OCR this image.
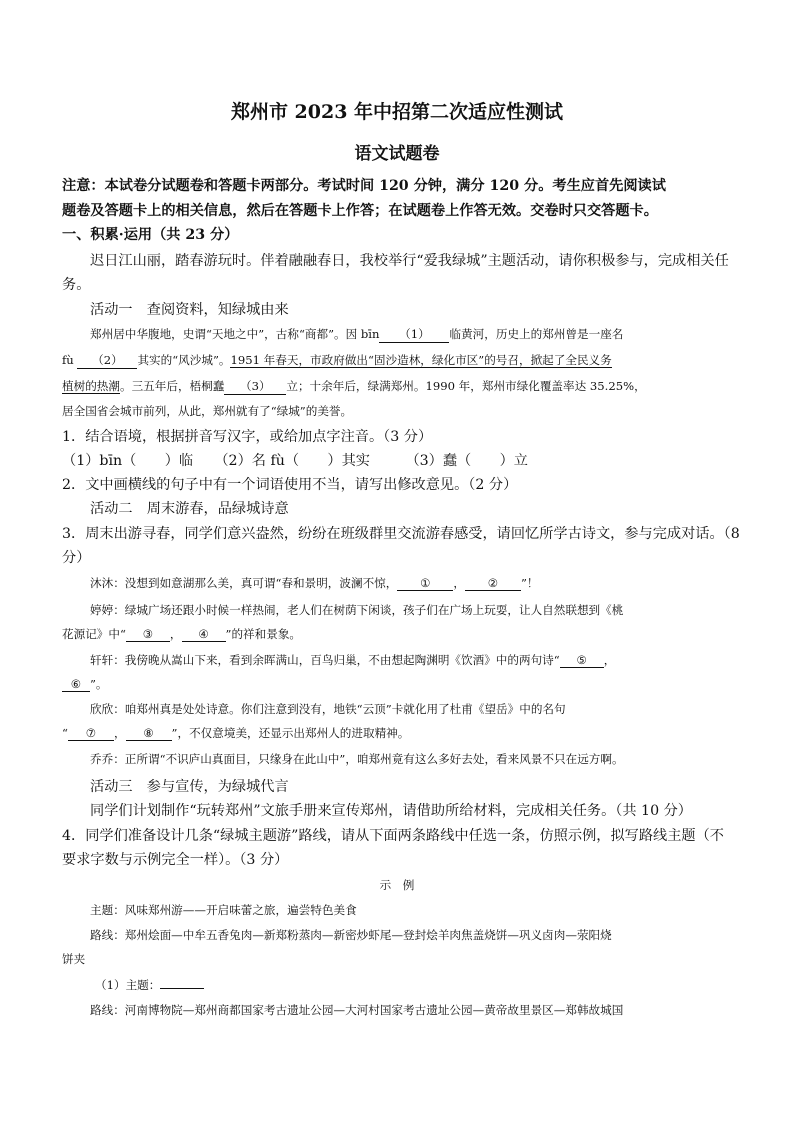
郑州市 2023 年中招第二次适应性测试
语文试题卷
注意：本试卷分试题卷和答题卡两部分。考试时间 120 分钟，满分 120 分。考生应首先阅读试
题卷及答题卡上的相关信息，然后在答题卡上作答；在试题卷上作答无效。交卷时只交答题卡。
一、积累·运用（共 23 分）
迟日江山丽，踏春游玩时。伴着融融春日，我校举行“爱我绿城”主题活动，请你积极参与，完成相关任
务。
活动一　查阅资料，知绿城由来
郑州居中华腹地，史谓“天地之中”，古称“商都”。因 bīn （1） 临黄河，历史上的郑州曾是一座名
fù （2） 其实的“风沙城”。1951 年春天，市政府做出“固沙造林，绿化市区”的号召，掀起了全民义务
植树的热潮。三五年后，梧桐蠢 （3） 立；十余年后，绿满郑州。1990 年，郑州市绿化覆盖率达 35.25%，
居全国省会城市前列，从此，郑州就有了“绿城”的美誉。
1．结合语境，根据拼音写汉字，或给加点字注音。（3 分）
（1）bīn（　　）临　　（2）名 fù（　　）其实　　　（3）蠢（　　）立
2．文中画横线的句子中有一个词语使用不当，请写出修改意见。（2 分）
活动二　周末游春，品绿城诗意
3．周末出游寻春，同学们意兴盎然，纷纷在班级群里交流游春感受，请回忆所学古诗文，参与完成对话。（8
分）
沐沐：没想到如意湖那么美，真可谓“春和景明，波澜不惊， ① ， ② ”！
婷婷：绿城广场还跟小时候一样热闹，老人们在树荫下闲谈，孩子们在广场上玩耍，让人自然联想到《桃
花源记》中“ ③ ， ④ ”的祥和景象。
轩轩：我傍晚从嵩山下来，看到余晖满山，百鸟归巢，不由想起陶渊明《饮酒》中的两句诗“ ⑤ ，
⑥ ”。
欣欣：咱郑州真是处处诗意。你们注意到没有，地铁“云顶”卡就化用了杜甫《望岳》中的名句
“ ⑦ ， ⑧ ”，不仅意境美，还显示出郑州人的进取精神。
乔乔：正所谓“不识庐山真面目，只缘身在此山中”，咱郑州竟有这么多好去处，看来风景不只在远方啊。
活动三　参与宣传，为绿城代言
同学们计划制作“玩转郑州”文旅手册来宣传郑州，请借助所给材料，完成相关任务。（共 10 分）
4．同学们准备设计几条“绿城主题游”路线，请从下面两条路线中任选一条，仿照示例，拟写路线主题（不
要求字数与示例完全一样）。（3 分）
示　例
主题：风味郑州游——开启味蕾之旅，遍尝特色美食
路线：郑州烩面—中牟五香兔肉—新郑粉蒸肉—新密炒虾尾—登封烩羊肉焦盖烧饼—巩义卤肉—荥阳烧
饼夹
（1）主题：
路线：河南博物院—郑州商都国家考古遗址公园—大河村国家考古遗址公园—黄帝故里景区—郑韩故城国
